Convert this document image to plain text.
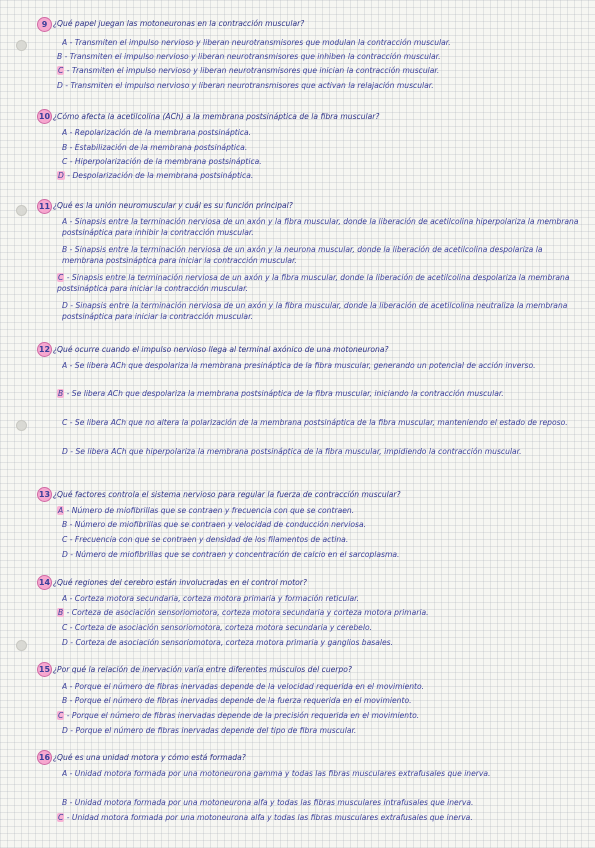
9 ¿Qué papel juegan las motoneuronas en la contracción muscular?
A - Transmiten el impulso nervioso y liberan neurotransmisores que modulan la contracción muscular.
B - Transmiten el impulso nervioso y liberan neurotransmisores que inhiben la contracción muscular.
C - Transmiten el impulso nervioso y liberan neurotransmisores que inician la contracción muscular.
D - Transmiten el impulso nervioso y liberan neurotransmisores que activan la relajación muscular.
10 ¿Cómo afecta la acetilcolina (ACh) a la membrana postsináptica de la fibra muscular?
A - Repolarización de la membrana postsináptica.
B - Estabilización de la membrana postsináptica.
C - Hiperpolarización de la membrana postsináptica.
D - Despolarización de la membrana postsináptica.
11 ¿Qué es la unión neuromuscular y cuál es su función principal?
A - Sinapsis entre la terminación nerviosa de un axón y la fibra muscular, donde la liberación de acetilcolina hiperpolariza la membrana postsináptica para inhibir la contracción muscular.
B - Sinapsis entre la terminación nerviosa de un axón y la neurona muscular, donde la liberación de acetilcolina despolariza la membrana postsináptica para iniciar la contracción muscular.
C - Sinapsis entre la terminación nerviosa de un axón y la fibra muscular, donde la liberación de acetilcolina despolariza la membrana postsináptica para iniciar la contracción muscular.
D - Sinapsis entre la terminación nerviosa de un axón y la fibra muscular, donde la liberación de acetilcolina neutraliza la membrana postsináptica para iniciar la contracción muscular.
12 ¿Qué ocurre cuando el impulso nervioso llega al terminal axónico de una motoneurona?
A - Se libera ACh que despolariza la membrana presináptica de la fibra muscular, generando un potencial de acción inverso.
B - Se libera ACh que despolariza la membrana postsináptica de la fibra muscular, iniciando la contracción muscular.
C - Se libera ACh que no altera la polarización de la membrana postsináptica de la fibra muscular, manteniendo el estado de reposo.
D - Se libera ACh que hiperpolariza la membrana postsináptica de la fibra muscular, impidiendo la contracción muscular.
13 ¿Qué factores controla el sistema nervioso para regular la fuerza de contracción muscular?
A - Número de miofibrillas que se contraen y frecuencia con que se contraen.
B - Número de miofibrillas que se contraen y velocidad de conducción nerviosa.
C - Frecuencia con que se contraen y densidad de los filamentos de actina.
D - Número de miofibrillas que se contraen y concentración de calcio en el sarcoplasma.
14 ¿Qué regiones del cerebro están involucradas en el control motor?
A - Corteza motora secundaria, corteza motora primaria y formación reticular.
B - Corteza de asociación sensoriomotora, corteza motora secundaria y corteza motora primaria.
C - Corteza de asociación sensoriomotora, corteza motora secundaria y cerebelo.
D - Corteza de asociación sensoriomotora, corteza motora primaria y ganglios basales.
15 ¿Por qué la relación de inervación varía entre diferentes músculos del cuerpo?
A - Porque el número de fibras inervadas depende de la velocidad requerida en el movimiento.
B - Porque el número de fibras inervadas depende de la fuerza requerida en el movimiento.
C - Porque el número de fibras inervadas depende de la precisión requerida en el movimiento.
D - Porque el número de fibras inervadas depende del tipo de fibra muscular.
16 ¿Qué es una unidad motora y cómo está formada?
A - Unidad motora formada por una motoneurona gamma y todas las fibras musculares extrafusales que inerva.
B - Unidad motora formada por una motoneurona alfa y todas las fibras musculares intrafusales que inerva.
C - Unidad motora formada por una motoneurona alfa y todas las fibras musculares extrafusales que inerva.
